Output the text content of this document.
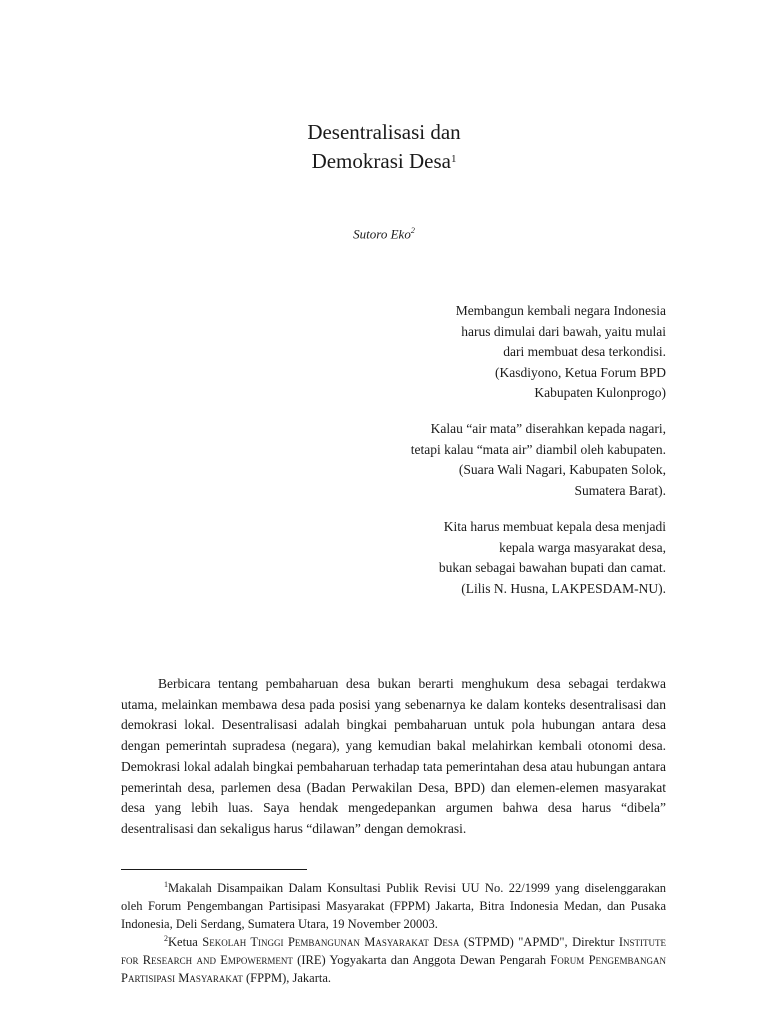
Desentralisasi dan
Demokrasi Desa$^1$
Sutoro Eko$^2$
Membangun kembali negara Indonesia
harus dimulai dari bawah, yaitu mulai
dari membuat desa terkondisi.
(Kasdiyono, Ketua Forum BPD
Kabupaten Kulonprogo)
Kalau “air mata” diserahkan kepada nagari,
tetapi kalau “mata air” diambil oleh kabupaten.
(Suara Wali Nagari, Kabupaten Solok,
Sumatera Barat).
Kita harus membuat kepala desa menjadi
kepala warga masyarakat desa,
bukan sebagai bawahan bupati dan camat.
(Lilis N. Husna, LAKPESDAM-NU).

Berbicara tentang pembaharuan desa bukan berarti menghukum desa sebagai terdakwa utama, melainkan membawa desa pada posisi yang sebenarnya ke dalam konteks desentralisasi dan demokrasi lokal. Desentralisasi adalah bingkai pembaharuan untuk pola hubungan antara desa dengan pemerintah supradesa (negara), yang kemudian bakal melahirkan kembali otonomi desa. Demokrasi lokal adalah bingkai pembaharuan terhadap tata pemerintahan desa atau hubungan antara pemerintah desa, parlemen desa (Badan Perwakilan Desa, BPD) dan elemen-elemen masyarakat desa yang lebih luas. Saya hendak mengedepankan argumen bahwa desa harus “dibela” desentralisasi dan sekaligus harus “dilawan” dengan demokrasi.

$^1$Makalah Disampaikan Dalam Konsultasi Publik Revisi UU No. 22/1999 yang diselenggarakan oleh Forum Pengembangan Partisipasi Masyarakat (FPPM) Jakarta, Bitra Indonesia Medan, dan Pusaka Indonesia, Deli Serdang, Sumatera Utara, 19 November 20003.

$^2$Ketua Sekolah Tinggi Pembangunan Masyarakat Desa (STPMD) "APMD", Direktur Institute for Research and Empowerment (IRE) Yogyakarta dan Anggota Dewan Pengarah Forum Pengembangan Partisipasi Masyarakat (FPPM), Jakarta.
